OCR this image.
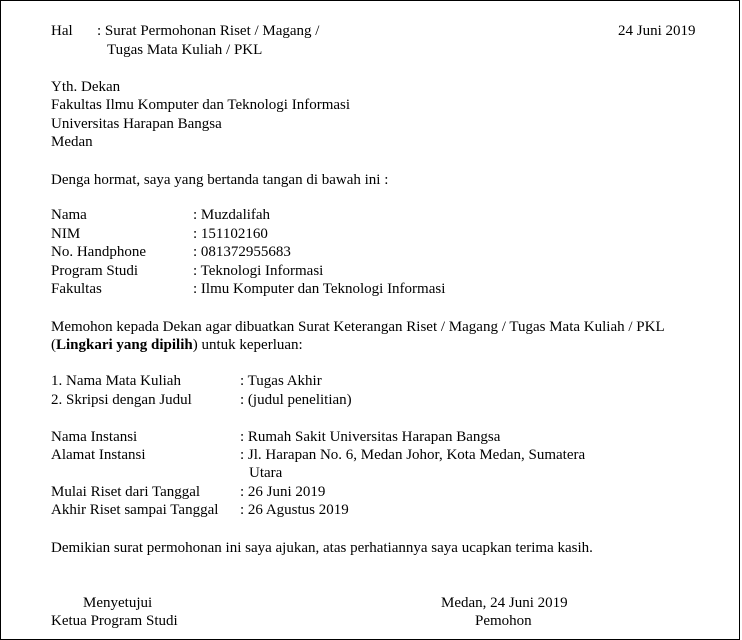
Hal : Surat Permohonan Riset / Magang /
Tugas Mata Kuliah / PKL
24 Juni 2019
Yth. Dekan
Fakultas Ilmu Komputer dan Teknologi Informasi
Universitas Harapan Bangsa
Medan
Denga hormat, saya yang bertanda tangan di bawah ini :
Nama	: Muzdalifah
NIM	: 151102160
No. Handphone	: 081372955683
Program Studi	: Teknologi Informasi
Fakultas	: Ilmu Komputer dan Teknologi Informasi
Memohon kepada Dekan agar dibuatkan Surat Keterangan Riset / Magang / Tugas Mata Kuliah / PKL
(Lingkari yang dipilih) untuk keperluan:
1. Nama Mata Kuliah	: Tugas Akhir
2. Skripsi dengan Judul	: (judul penelitian)
Nama Instansi	: Rumah Sakit Universitas Harapan Bangsa
Alamat Instansi	: Jl. Harapan No. 6, Medan Johor, Kota Medan, Sumatera
Utara
Mulai Riset dari Tanggal	: 26 Juni 2019
Akhir Riset sampai Tanggal : 26 Agustus 2019
Demikian surat permohonan ini saya ajukan, atas perhatiannya saya ucapkan terima kasih.
Menyetujui
Ketua Program Studi
Medan, 24 Juni 2019
Pemohon
